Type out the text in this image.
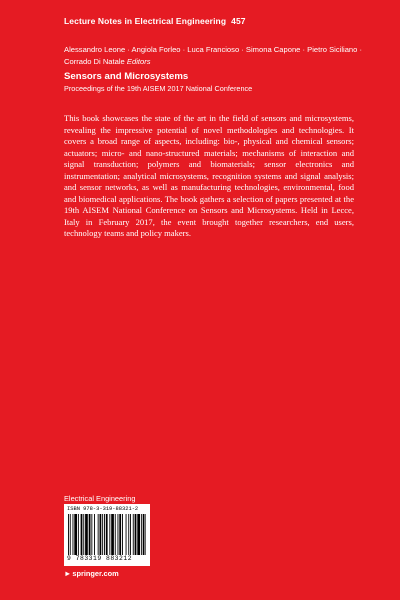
Lecture Notes in Electrical Engineering 457
Alessandro Leone · Angiola Forleo · Luca Francioso · Simona Capone · Pietro Siciliano · Corrado Di Natale Editors
Sensors and Microsystems
Proceedings of the 19th AISEM 2017 National Conference

This book showcases the state of the art in the field of sensors and microsystems, revealing the impressive potential of novel methodologies and technologies. It covers a broad range of aspects, including: bio-, physical and chemical sensors; actuators; micro- and nano-structured materials; mechanisms of interaction and signal transduction; polymers and biomaterials; sensor electronics and instrumentation; analytical microsystems, recognition systems and signal analysis; and sensor networks, as well as manufacturing technologies, environmental, food and biomedical applications. The book gathers a selection of papers presented at the 19th AISEM National Conference on Sensors and Microsystems. Held in Lecce, Italy in February 2017, the event brought together researchers, end users, technology teams and policy makers.

Electrical Engineering
ISBN 978-3-319-88321-2
9 783319 883212
►springer.com
